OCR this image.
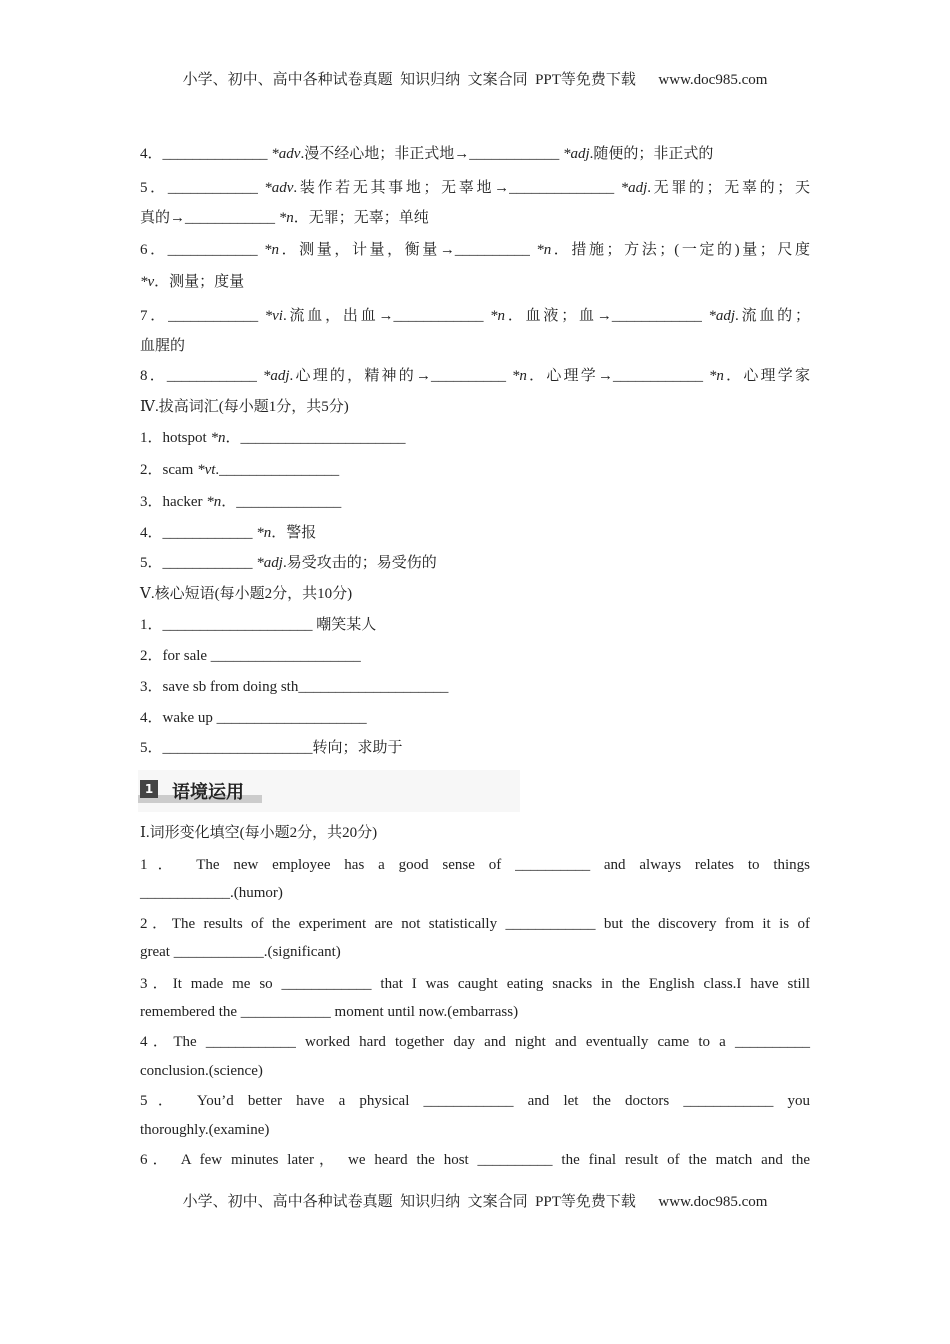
小学、初中、高中各种试卷真题  知识归纳  文案合同  PPT等免费下载      www.doc985.com
1 语境运用
4．______________ *adv.漫不经心地；非正式地→____________ *adj.随便的；非正式的
5．____________ *adv.装作若无其事地；无辜地→______________ *adj.无罪的；无辜的；天
真的→____________ *n．无罪；无辜；单纯
6．____________ *n．测量，计量，衡量→__________ *n．措施；方法；(一定的)量；尺度
*v．测量；度量
7．____________ *vi.流血，出血→____________ *n．血液；血→____________ *adj.流血的；
血腥的
8．____________ *adj.心理的，精神的→__________ *n．心理学→____________ *n．心理学家
Ⅳ.拔高词汇(每小题1分，共5分)
1．hotspot *n．______________________
2．scam *vt.________________
3．hacker *n．______________
4．____________ *n．警报
5．____________ *adj.易受攻击的；易受伤的
Ⅴ.核心短语(每小题2分，共10分)
1．____________________ 嘲笑某人
2．for sale ____________________
3．save sb from doing sth____________________
4．wake up ____________________
5．____________________转向；求助于
Ⅰ.词形变化填空(每小题2分，共20分)
1． The new employee has a good sense of __________ and always relates to things
____________.(humor)
2．The results of the experiment are not statistically ____________ but the discovery from it is of
great ____________.(significant)
3．It made me so ____________ that I was caught eating snacks in the English class.I have still
remembered the ____________ moment until now.(embarrass)
4．The ____________ worked hard together day and night and eventually came to a __________
conclusion.(science)
5． You’d better have a physical ____________ and let the doctors ____________ you
thoroughly.(examine)
6． A few minutes later， we heard the host __________ the final result of the match and the
小学、初中、高中各种试卷真题  知识归纳  文案合同  PPT等免费下载      www.doc985.com
